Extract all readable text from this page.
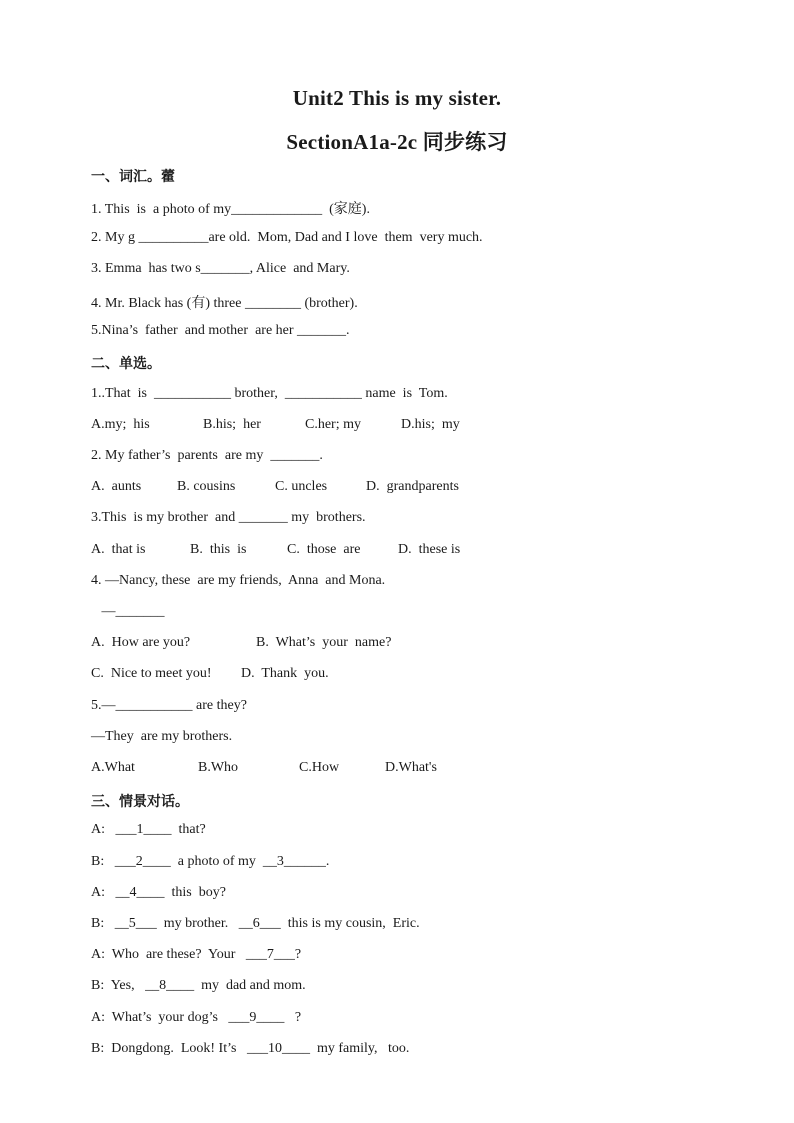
Unit2 This is my sister.
SectionA1a-2c 同步练习
一、词汇。藿
1. This  is  a photo of my_____________  (家庭).
2. My g __________are old.  Mom, Dad and I love  them  very much.
3. Emma  has two s_______, Alice  and Mary.
4. Mr. Black has (有) three ________ (brother).
5.Nina’s  father  and mother  are her _______.
二、单选。
1..That  is  ___________ brother,  ___________ name  is  Tom.
A.my;  his	B.his;  her	C.her; my	D.his;  my
2. My father’s  parents  are my  _______.
A.  aunts	B. cousins	C. uncles	D.  grandparents
3.This  is my brother  and _______ my  brothers.
A.  that is	B.  this  is	C.  those  are	D.  these is
4. —Nancy, these  are my friends,  Anna  and Mona.
—_______
A.  How are you?	B.  What’s  your  name?
C.  Nice to meet you! D.  Thank  you.
5.—___________ are they?
—They  are my brothers.
A.What	B.Who	C.How	D.What's
三、情景对话。
A:   ___1____  that?
B:   ___2____  a photo of my  __3______.
A:   __4____  this  boy?
B:   __5___  my brother.   __6___  this is my cousin,  Eric.
A:  Who  are these?  Your   ___7___?
B:  Yes,   __8____  my  dad and mom.
A:  What’s  your dog’s   ___9____   ?
B:  Dongdong.  Look! It’s   ___10____  my family,   too.
